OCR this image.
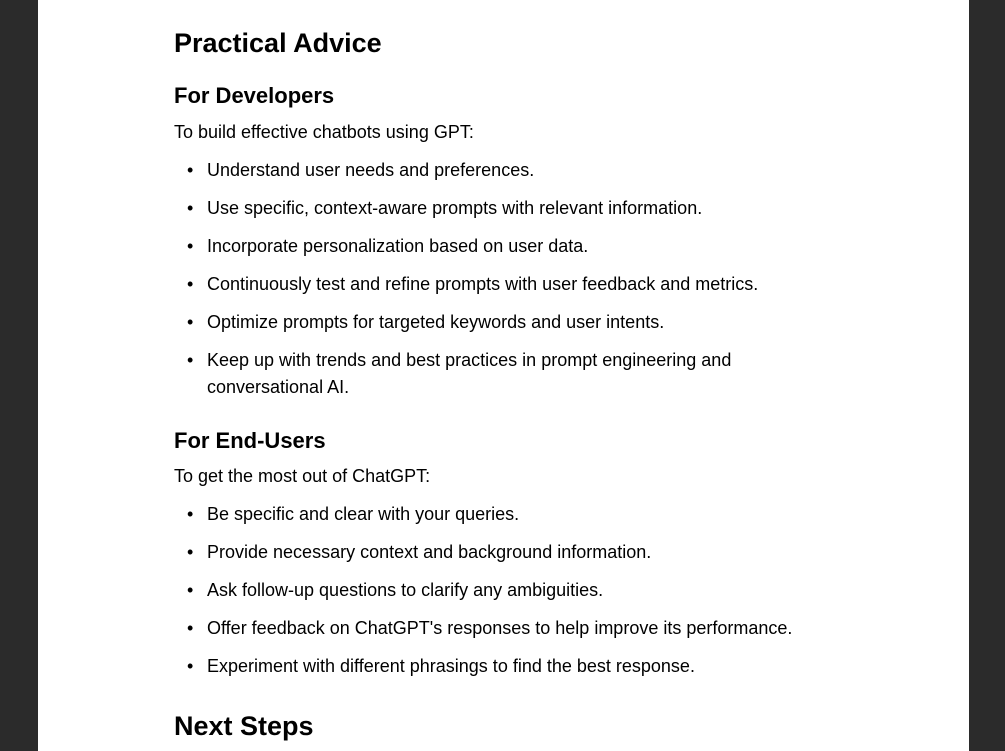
Practical Advice
For Developers

To build effective chatbots using GPT:

• Understand user needs and preferences.
• Use specific, context-aware prompts with relevant information.
• Incorporate personalization based on user data.
• Continuously test and refine prompts with user feedback and metrics.
• Optimize prompts for targeted keywords and user intents.
• Keep up with trends and best practices in prompt engineering and conversational AI.
For End-Users

To get the most out of ChatGPT:

• Be specific and clear with your queries.
• Provide necessary context and background information.
• Ask follow-up questions to clarify any ambiguities.
• Offer feedback on ChatGPT's responses to help improve its performance.
• Experiment with different phrasings to find the best response.
Next Steps
